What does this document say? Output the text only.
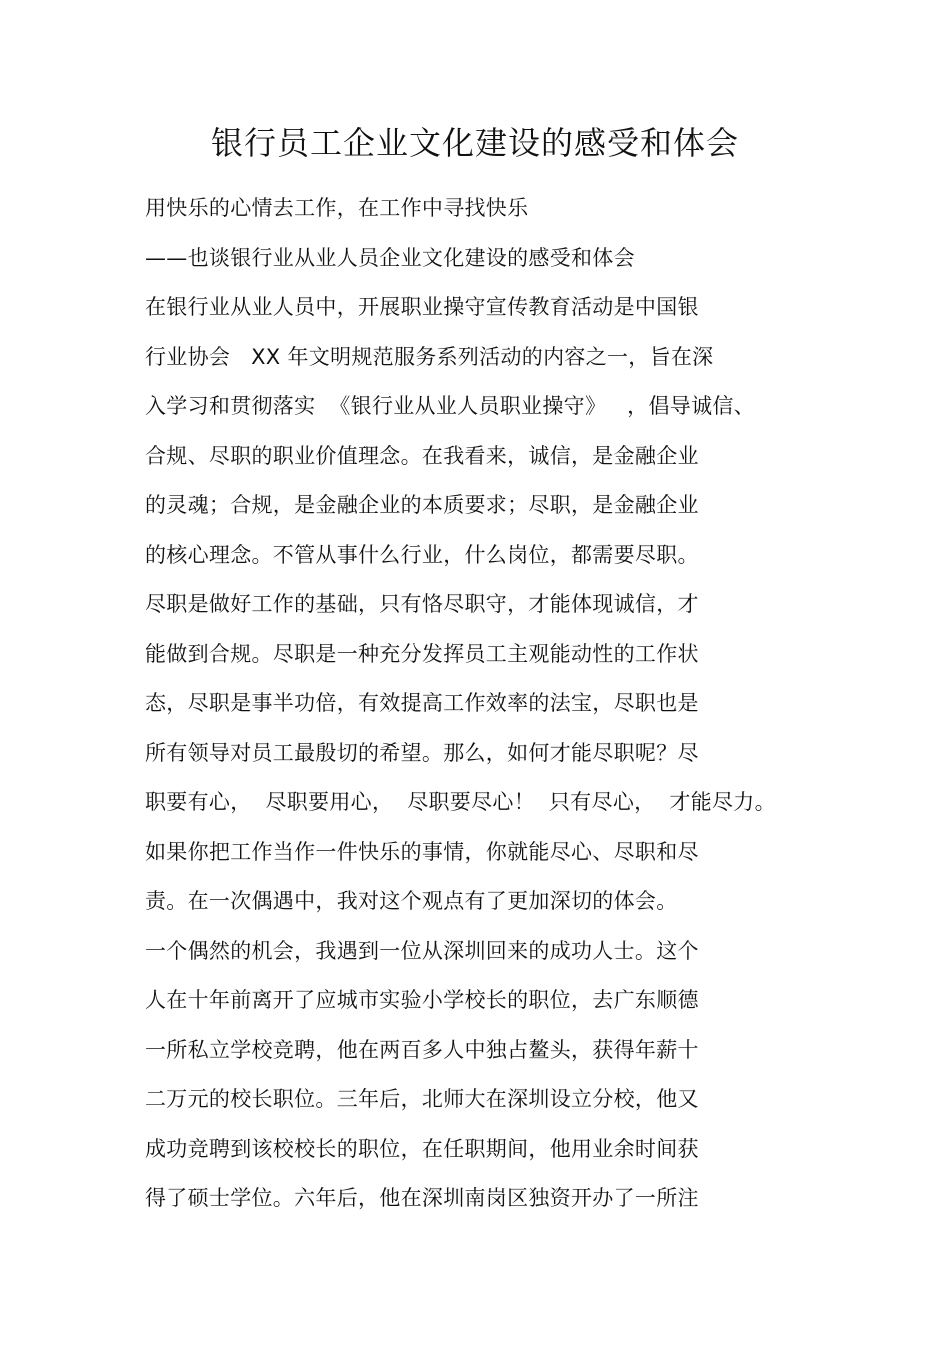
银行员工企业文化建设的感受和体会
用快乐的心情去工作，在工作中寻找快乐
——也谈银行业从业人员企业文化建设的感受和体会
在银行业从业人员中，开展职业操守宣传教育活动是中国银
行业协会   XX 年文明规范服务系列活动的内容之一，旨在深
入学习和贯彻落实  《银行业从业人员职业操守》   ，倡导诚信、
合规、尽职的职业价值理念。在我看来，诚信，是金融企业
的灵魂；合规，是金融企业的本质要求；尽职，是金融企业
的核心理念。不管从事什么行业，什么岗位，都需要尽职。
尽职是做好工作的基础，只有恪尽职守，才能体现诚信，才
能做到合规。尽职是一种充分发挥员工主观能动性的工作状
态，尽职是事半功倍，有效提高工作效率的法宝，尽职也是
所有领导对员工最殷切的希望。那么，如何才能尽职呢？尽
职要有心，  尽职要用心，  尽职要尽心！  只有尽心，  才能尽力。
如果你把工作当作一件快乐的事情，你就能尽心、尽职和尽
责。在一次偶遇中，我对这个观点有了更加深切的体会。
一个偶然的机会，我遇到一位从深圳回来的成功人士。这个
人在十年前离开了应城市实验小学校长的职位，去广东顺德
一所私立学校竞聘，他在两百多人中独占鳌头，获得年薪十
二万元的校长职位。三年后，北师大在深圳设立分校，他又
成功竞聘到该校校长的职位，在任职期间，他用业余时间获
得了硕士学位。六年后，他在深圳南岗区独资开办了一所注
